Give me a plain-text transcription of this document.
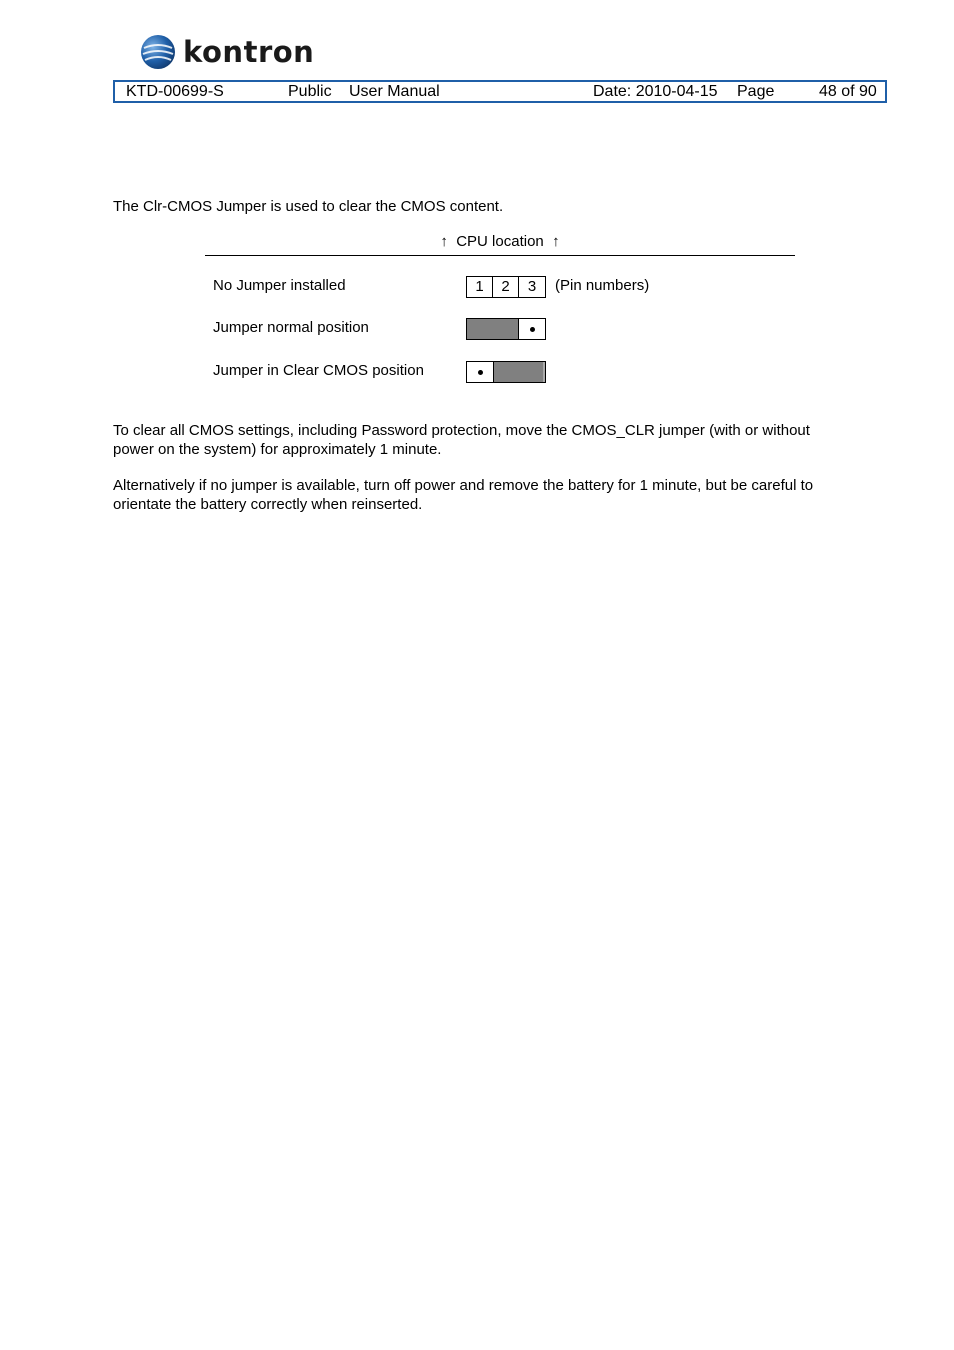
kontron
KTD-00699-S	Public User Manual	Date: 2010-04-15 Page	48 of 90
The Clr-CMOS Jumper is used to clear the CMOS content.
↑ CPU location ↑
No Jumper installed	1	2	3	(Pin numbers)
Jumper normal position
Jumper in Clear CMOS position
To clear all CMOS settings, including Password protection, move the CMOS_CLR jumper (with or without
power on the system) for approximately 1 minute.
Alternatively if no jumper is available, turn off power and remove the battery for 1 minute, but be careful to
orientate the battery correctly when reinserted.
